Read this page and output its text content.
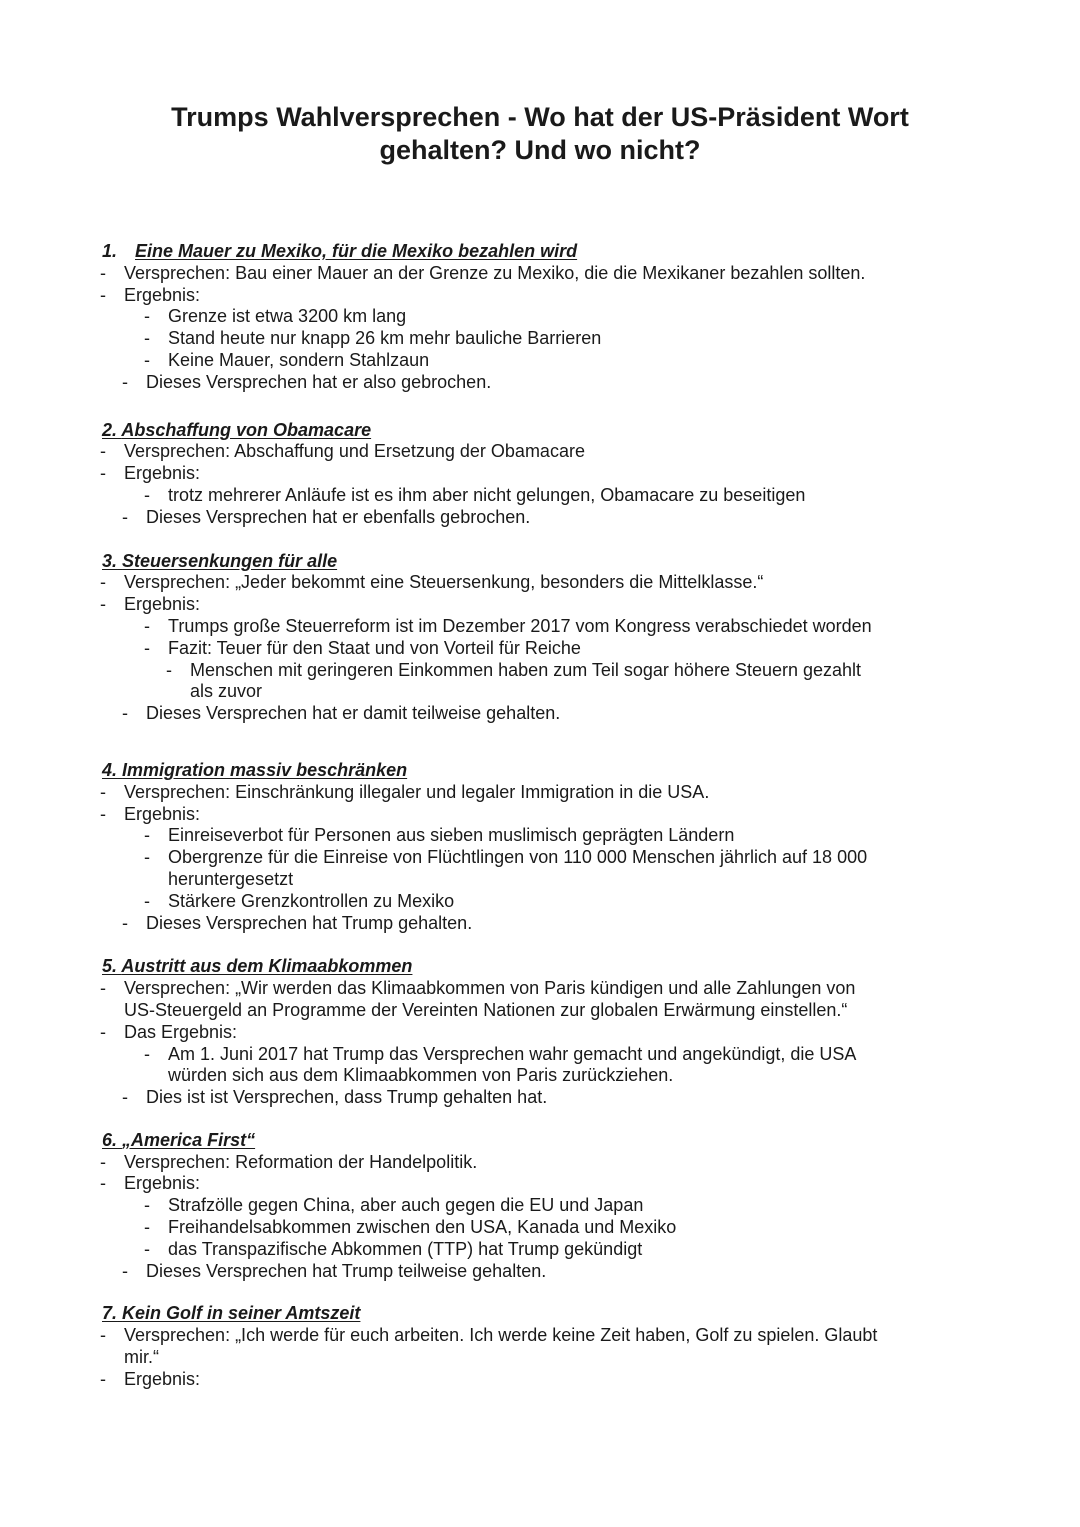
Trumps Wahlversprechen - Wo hat der US-Präsident Wort
gehalten? Und wo nicht?
1. Eine Mauer zu Mexiko, für die Mexiko bezahlen wird
- Versprechen: Bau einer Mauer an der Grenze zu Mexiko, die die Mexikaner bezahlen sollten.
- Ergebnis:
- Grenze ist etwa 3200 km lang
- Stand heute nur knapp 26 km mehr bauliche Barrieren
- Keine Mauer, sondern Stahlzaun
- Dieses Versprechen hat er also gebrochen.
2. Abschaffung von Obamacare
- Versprechen: Abschaffung und Ersetzung der Obamacare
- Ergebnis:
- trotz mehrerer Anläufe ist es ihm aber nicht gelungen, Obamacare zu beseitigen
- Dieses Versprechen hat er ebenfalls gebrochen.
3. Steuersenkungen für alle
- Versprechen: „Jeder bekommt eine Steuersenkung, besonders die Mittelklasse.“
- Ergebnis:
- Trumps große Steuerreform ist im Dezember 2017 vom Kongress verabschiedet worden
- Fazit: Teuer für den Staat und von Vorteil für Reiche
- Menschen mit geringeren Einkommen haben zum Teil sogar höhere Steuern gezahlt
als zuvor
- Dieses Versprechen hat er damit teilweise gehalten.
4. Immigration massiv beschränken
- Versprechen: Einschränkung illegaler und legaler Immigration in die USA.
- Ergebnis:
- Einreiseverbot für Personen aus sieben muslimisch geprägten Ländern
- Obergrenze für die Einreise von Flüchtlingen von 110 000 Menschen jährlich auf 18 000
heruntergesetzt
- Stärkere Grenzkontrollen zu Mexiko
- Dieses Versprechen hat Trump gehalten.
5. Austritt aus dem Klimaabkommen
- Versprechen: „Wir werden das Klimaabkommen von Paris kündigen und alle Zahlungen von
US-Steuergeld an Programme der Vereinten Nationen zur globalen Erwärmung einstellen.“
- Das Ergebnis:
- Am 1. Juni 2017 hat Trump das Versprechen wahr gemacht und angekündigt, die USA
würden sich aus dem Klimaabkommen von Paris zurückziehen.
- Dies ist ist Versprechen, dass Trump gehalten hat.
6. „America First“
- Versprechen: Reformation der Handelpolitik.
- Ergebnis:
- Strafzölle gegen China, aber auch gegen die EU und Japan
- Freihandelsabkommen zwischen den USA, Kanada und Mexiko
- das Transpazifische Abkommen (TTP) hat Trump gekündigt
- Dieses Versprechen hat Trump teilweise gehalten.
7. Kein Golf in seiner Amtszeit
- Versprechen: „Ich werde für euch arbeiten. Ich werde keine Zeit haben, Golf zu spielen. Glaubt
mir.“
- Ergebnis:
